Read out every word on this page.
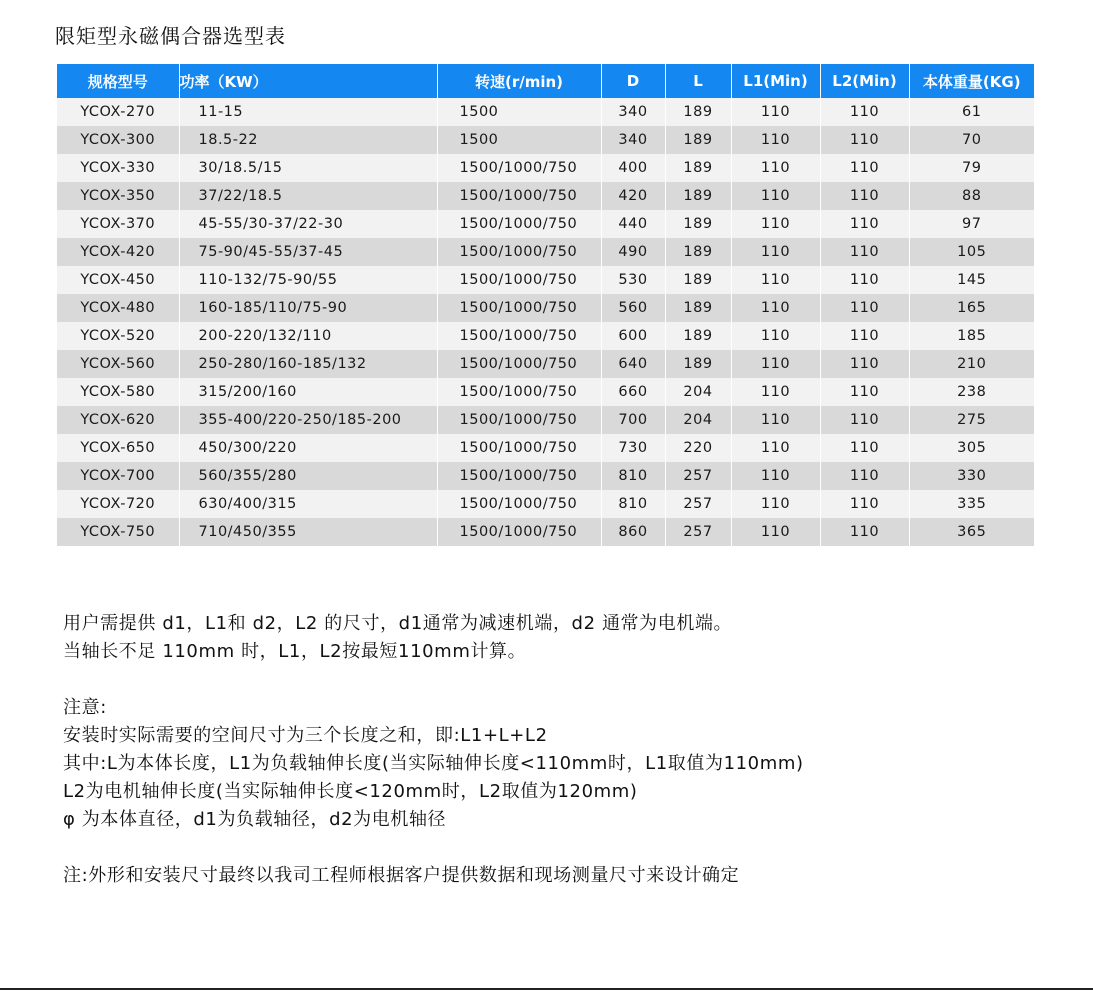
限矩型永磁偶合器选型表
规格型号	功率（KW）	转速(r/min)	D	L	L1(Min)	L2(Min)	本体重量(KG)
YCOX-270	11-15	1500	340	189	110	110	61
YCOX-300	18.5-22	1500	340	189	110	110	70
YCOX-330	30/18.5/15	1500/1000/750	400	189	110	110	79
YCOX-350	37/22/18.5	1500/1000/750	420	189	110	110	88
YCOX-370	45-55/30-37/22-30	1500/1000/750	440	189	110	110	97
YCOX-420	75-90/45-55/37-45	1500/1000/750	490	189	110	110	105
YCOX-450	110-132/75-90/55	1500/1000/750	530	189	110	110	145
YCOX-480	160-185/110/75-90	1500/1000/750	560	189	110	110	165
YCOX-520	200-220/132/110	1500/1000/750	600	189	110	110	185
YCOX-560	250-280/160-185/132	1500/1000/750	640	189	110	110	210
YCOX-580	315/200/160	1500/1000/750	660	204	110	110	238
YCOX-620	355-400/220-250/185-200	1500/1000/750	700	204	110	110	275
YCOX-650	450/300/220	1500/1000/750	730	220	110	110	305
YCOX-700	560/355/280	1500/1000/750	810	257	110	110	330
YCOX-720	630/400/315	1500/1000/750	810	257	110	110	335
YCOX-750	710/450/355	1500/1000/750	860	257	110	110	365

用户需提供 d1，L1和 d2，L2 的尺寸，d1通常为减速机端，d2 通常为电机端。

当轴长不足 110mm 时，L1，L2按最短110mm计算。

注意:

安装时实际需要的空间尺寸为三个长度之和，即:L1+L+L2

其中:L为本体长度，L1为负载轴伸长度(当实际轴伸长度<110mm时，L1取值为110mm)

L2为电机轴伸长度(当实际轴伸长度<120mm时，L2取值为120mm)

φ 为本体直径，d1为负载轴径，d2为电机轴径

注:外形和安装尺寸最终以我司工程师根据客户提供数据和现场测量尺寸来设计确定
